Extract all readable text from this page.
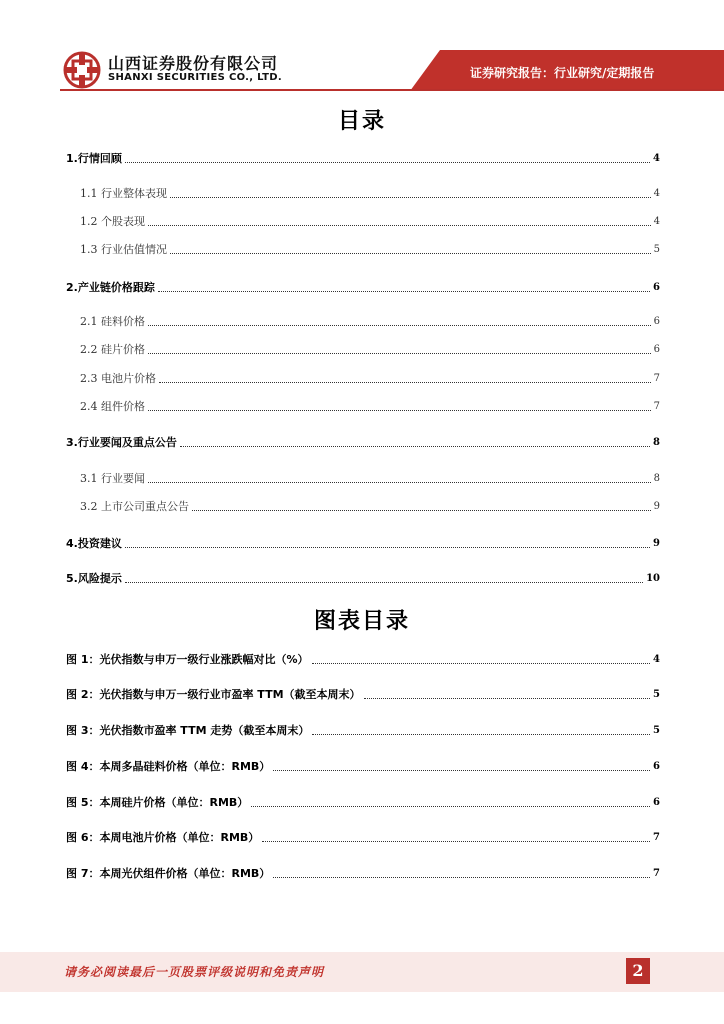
山西证券股份有限公司
SHANXI SECURITIES CO., LTD.	证券研究报告：行业研究/定期报告
目录
1.行情回顾	4
1.1 行业整体表现	4
1.2 个股表现	4
1.3 行业估值情况	5
2.产业链价格跟踪	6
2.1 硅料价格	6
2.2 硅片价格	6
2.3 电池片价格	7
2.4 组件价格	7
3.行业要闻及重点公告	8
3.1 行业要闻	8
3.2 上市公司重点公告	9
4.投资建议	9
5.风险提示	10
图表目录
图 1：光伏指数与申万一级行业涨跌幅对比（%）	4
图 2：光伏指数与申万一级行业市盈率 TTM（截至本周末）	5
图 3：光伏指数市盈率 TTM 走势（截至本周末）	5
图 4：本周多晶硅料价格（单位：RMB）	6
图 5：本周硅片价格（单位：RMB）	6
图 6：本周电池片价格（单位：RMB）	7
图 7：本周光伏组件价格（单位：RMB）	7
请务必阅读最后一页股票评级说明和免责声明	2
